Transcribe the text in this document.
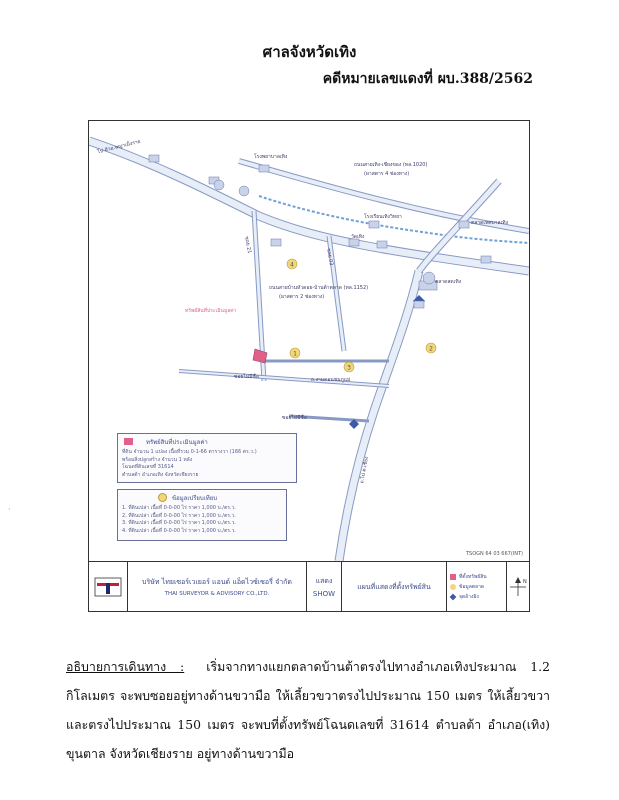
ศาลจังหวัดเทิง
คดีหมายเลขแดงที่ ผบ.388/2562
1
2
3
4
ถนนสายเทิง-เชียงของ (ทล.1020)
(ผาสตาร 4 ช่องทาง)
ถนนสายบ้านหัวดอย-บ้านต้าตลาด (ทล.1152)
(ผาสตาร 2 ช่องทาง)
ไป ตัวอ.พญาเม็งราย
ซอย 21
ซอย 03
ซอยไม่มีชื่อ
ซอยไม่มีชื่อ
ถ.ไป ต.เชียง
ถ.งามดอนชมภูแม่
โรงพยาบาลเทิง
โรงเรียนเทิงวิทยา
วัดเทิง
ตลาดสดเทิง
ตลาดเทศบาลเทิง
ทรัพย์สินที่ประเมินมูลค่า
ทรัพย์สินที่ประเมินมูลค่า
ที่ดิน จำนวน 1 แปลง เนื้อที่รวม 0-1-66 ตารางวา (166 ตร.ว.)
พร้อมสิ่งปลูกสร้าง จำนวน 1 หลัง
โฉนดที่ดินเลขที่ 31614
ตำบลต้า อำเภอเทิง จังหวัดเชียงราย
ข้อมูลเปรียบเทียบ
1. ที่ดินเปล่า เนื้อที่ 0-0-00 ไร่ ราคา 1,000 บ./ตร.ว.
2. ที่ดินเปล่า เนื้อที่ 0-0-00 ไร่ ราคา 1,000 บ./ตร.ว.
3. ที่ดินเปล่า เนื้อที่ 0-0-00 ไร่ ราคา 1,000 บ./ตร.ว.
4. ที่ดินเปล่า เนื้อที่ 0-0-00 ไร่ ราคา 1,000 บ./ตร.ว.
TSOGN 64 03 667(INT)
บริษัท ไทยเซอร์เวเยอร์ แอนด์ แอ็ดไวซ์เซอรี่ จำกัด
THAI SURVEYOR & ADVISORY CO.,LTD.
แสดง
SHOW
แผนที่แสดงที่ตั้งทรัพย์สิน
ที่ตั้งทรัพย์สิน
ข้อมูลตลาด
จุดอ้างอิง
N
·
อธิบายการเดินทาง : เริ่มจากทางแยกตลาดบ้านต้าตรงไปทางอำเภอเทิงประมาณ 1.2 กิโลเมตร จะพบซอยอยู่ทางด้านขวามือ ให้เลี้ยวขวาตรงไปประมาณ 150 เมตร ให้เลี้ยวขวาและตรงไปประมาณ 150 เมตร จะพบที่ตั้งทรัพย์โฉนดเลขที่ 31614 ตำบลต้า อำเภอ(เทิง) ขุนตาล จังหวัดเชียงราย อยู่ทางด้านขวามือ
